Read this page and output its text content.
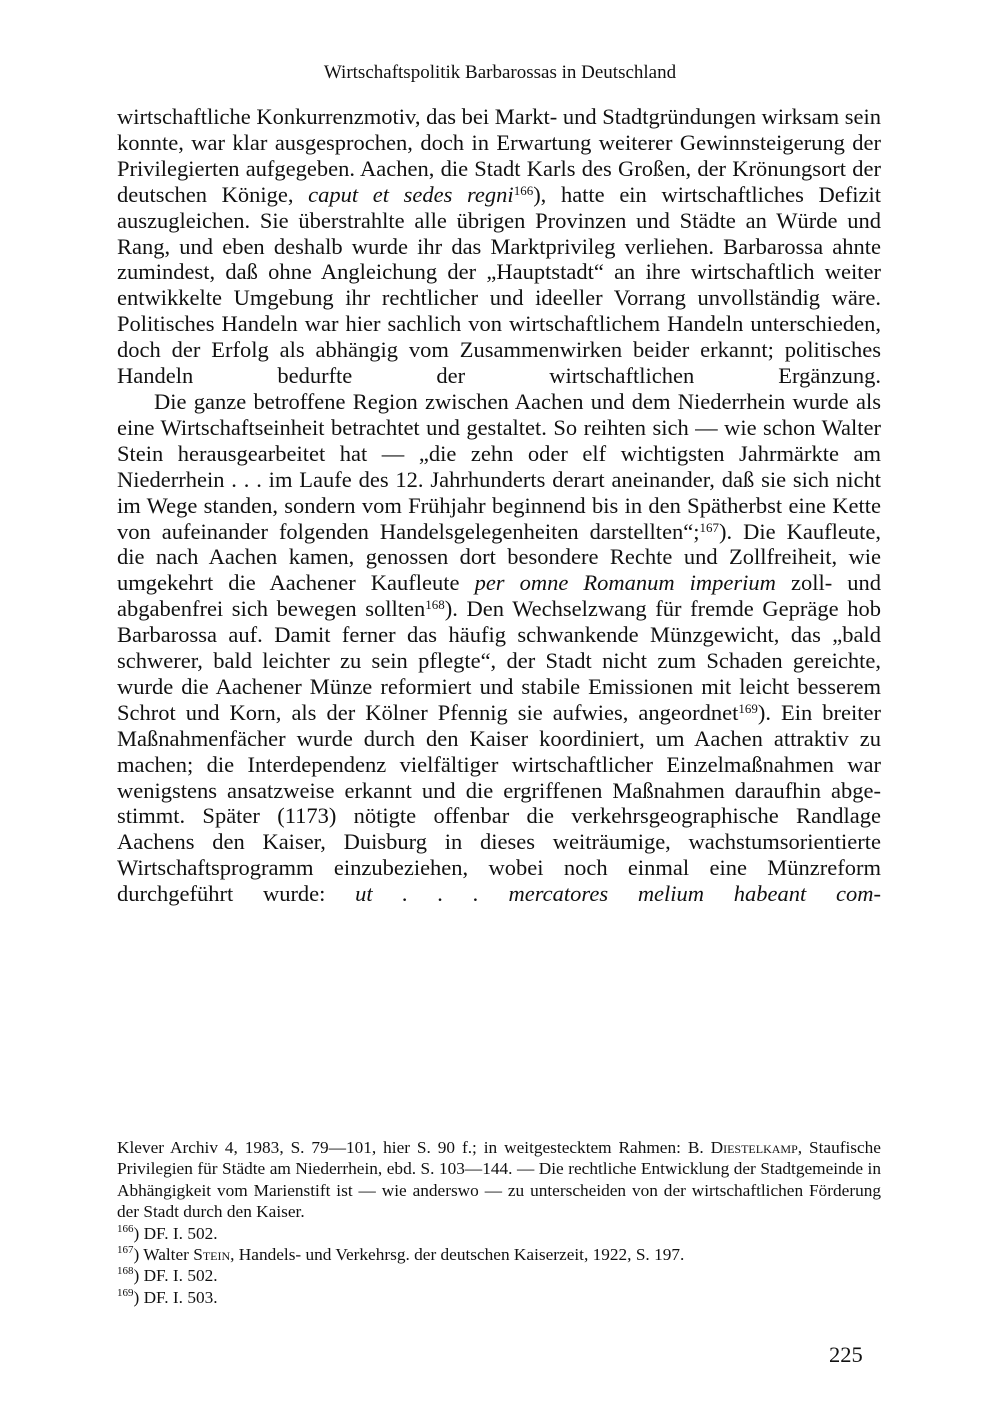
Wirtschaftspolitik Barbarossas in Deutschland

wirtschaftliche Konkurrenzmotiv, das bei Markt- und Stadtgründungen wirksam sein konnte, war klar ausgesprochen, doch in Erwartung weiterer Gewinnsteigerung der Privilegierten aufgegeben. Aachen, die Stadt Karls des Großen, der Krönungsort der deutschen Könige, caput et sedes regni$^{166}$), hatte ein wirtschaftliches Defizit auszugleichen. Sie überstrahlte alle übrigen Provinzen und Städte an Würde und Rang, und eben deshalb wurde ihr das Marktprivileg verliehen. Barbarossa ahnte zumindest, daß ohne Angleichung der „Hauptstadt“ an ihre wirtschaftlich weiter entwikkelte Umgebung ihr rechtlicher und ideeller Vorrang unvollständig wäre. Politisches Handeln war hier sachlich von wirtschaftlichem Handeln unterschieden, doch der Erfolg als abhängig vom Zusammenwirken beider erkannt; politisches Handeln bedurfte der wirtschaftlichen Ergänzung.

Die ganze betroffene Region zwischen Aachen und dem Niederrhein wurde als eine Wirtschaftseinheit betrachtet und gestaltet. So reihten sich — wie schon Walter Stein herausgearbeitet hat — „die zehn oder elf wichtigsten Jahrmärkte am Niederrhein . . . im Laufe des 12. Jahrhunderts derart aneinander, daß sie sich nicht im Wege standen, sondern vom Frühjahr beginnend bis in den Spätherbst eine Kette von aufeinander folgenden Handelsgelegenheiten darstellten“;$^{167}$). Die Kaufleute, die nach Aachen kamen, genossen dort besondere Rechte und Zollfreiheit, wie umgekehrt die Aachener Kaufleute per omne Romanum imperium zoll- und abgabenfrei sich bewegen sollten$^{168}$). Den Wechselzwang für fremde Gepräge hob Barbarossa auf. Damit ferner das häufig schwankende Münzgewicht, das „bald schwerer, bald leichter zu sein pflegte“, der Stadt nicht zum Schaden gereichte, wurde die Aachener Münze reformiert und stabile Emissionen mit leicht besserem Schrot und Korn, als der Kölner Pfennig sie aufwies, angeordnet$^{169}$). Ein breiter Maßnahmenfächer wurde durch den Kaiser koordiniert, um Aachen attraktiv zu machen; die Interdependenz vielfältiger wirtschaftlicher Einzelmaßnahmen war wenigstens ansatzweise erkannt und die ergriffenen Maßnahmen daraufhin abgestimmt. Später (1173) nötigte offenbar die verkehrsgeographische Randlage Aachens den Kaiser, Duisburg in dieses weiträumige, wachstumsorientierte Wirtschaftsprogramm einzubeziehen, wobei noch einmal eine Münzreform durchgeführt wurde: ut . . . mercatores melium habeant com-

Klever Archiv 4, 1983, S. 79—101, hier S. 90 f.; in weitgestecktem Rahmen: B. Diestelkamp, Staufische Privilegien für Städte am Niederrhein, ebd. S. 103—144. — Die rechtliche Entwicklung der Stadtgemeinde in Abhängigkeit vom Marienstift ist — wie anderswo — zu unterscheiden von der wirtschaftlichen Förderung der Stadt durch den Kaiser.

$^{166}$) DF. I. 502.
$^{167}$) Walter Stein, Handels- und Verkehrsg. der deutschen Kaiserzeit, 1922, S. 197.
$^{168}$) DF. I. 502.
$^{169}$) DF. I. 503.
225
